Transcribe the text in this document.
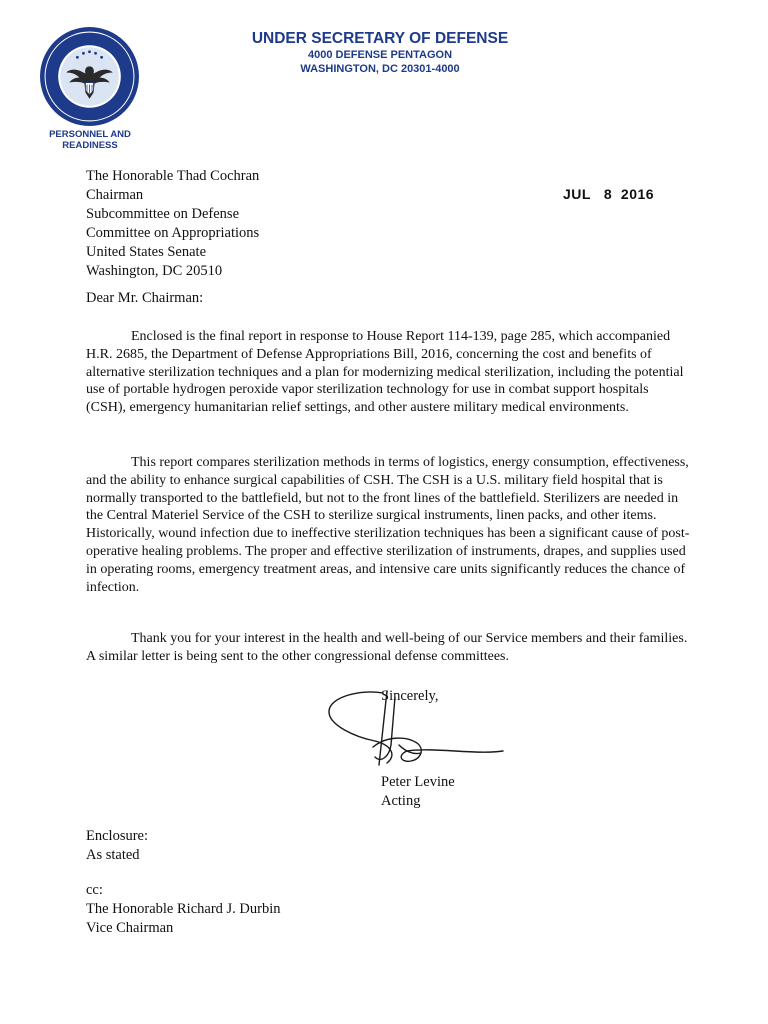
PERSONNEL AND
READINESS
UNDER SECRETARY OF DEFENSE
4000 DEFENSE PENTAGON
WASHINGTON, DC 20301-4000
The Honorable Thad Cochran
Chairman
Subcommittee on Defense
Committee on Appropriations
United States Senate
Washington, DC 20510
JUL   8  2016
Dear Mr. Chairman:

Enclosed is the final report in response to House Report 114-139, page 285, which accompanied H.R. 2685, the Department of Defense Appropriations Bill, 2016, concerning the cost and benefits of alternative sterilization techniques and a plan for modernizing medical sterilization, including the potential use of portable hydrogen peroxide vapor sterilization technology for use in combat support hospitals (CSH), emergency humanitarian relief settings, and other austere military medical environments.

This report compares sterilization methods in terms of logistics, energy consumption, effectiveness, and the ability to enhance surgical capabilities of CSH. The CSH is a U.S. military field hospital that is normally transported to the battlefield, but not to the front lines of the battlefield. Sterilizers are needed in the Central Materiel Service of the CSH to sterilize surgical instruments, linen packs, and other items. Historically, wound infection due to ineffective sterilization techniques has been a significant cause of post-operative healing problems. The proper and effective sterilization of instruments, drapes, and supplies used in operating rooms, emergency treatment areas, and intensive care units significantly reduces the chance of infection.

Thank you for your interest in the health and well-being of our Service members and their families. A similar letter is being sent to the other congressional defense committees.

Sincerely,
Peter Levine
Acting
Enclosure:
As stated
cc:
The Honorable Richard J. Durbin
Vice Chairman
